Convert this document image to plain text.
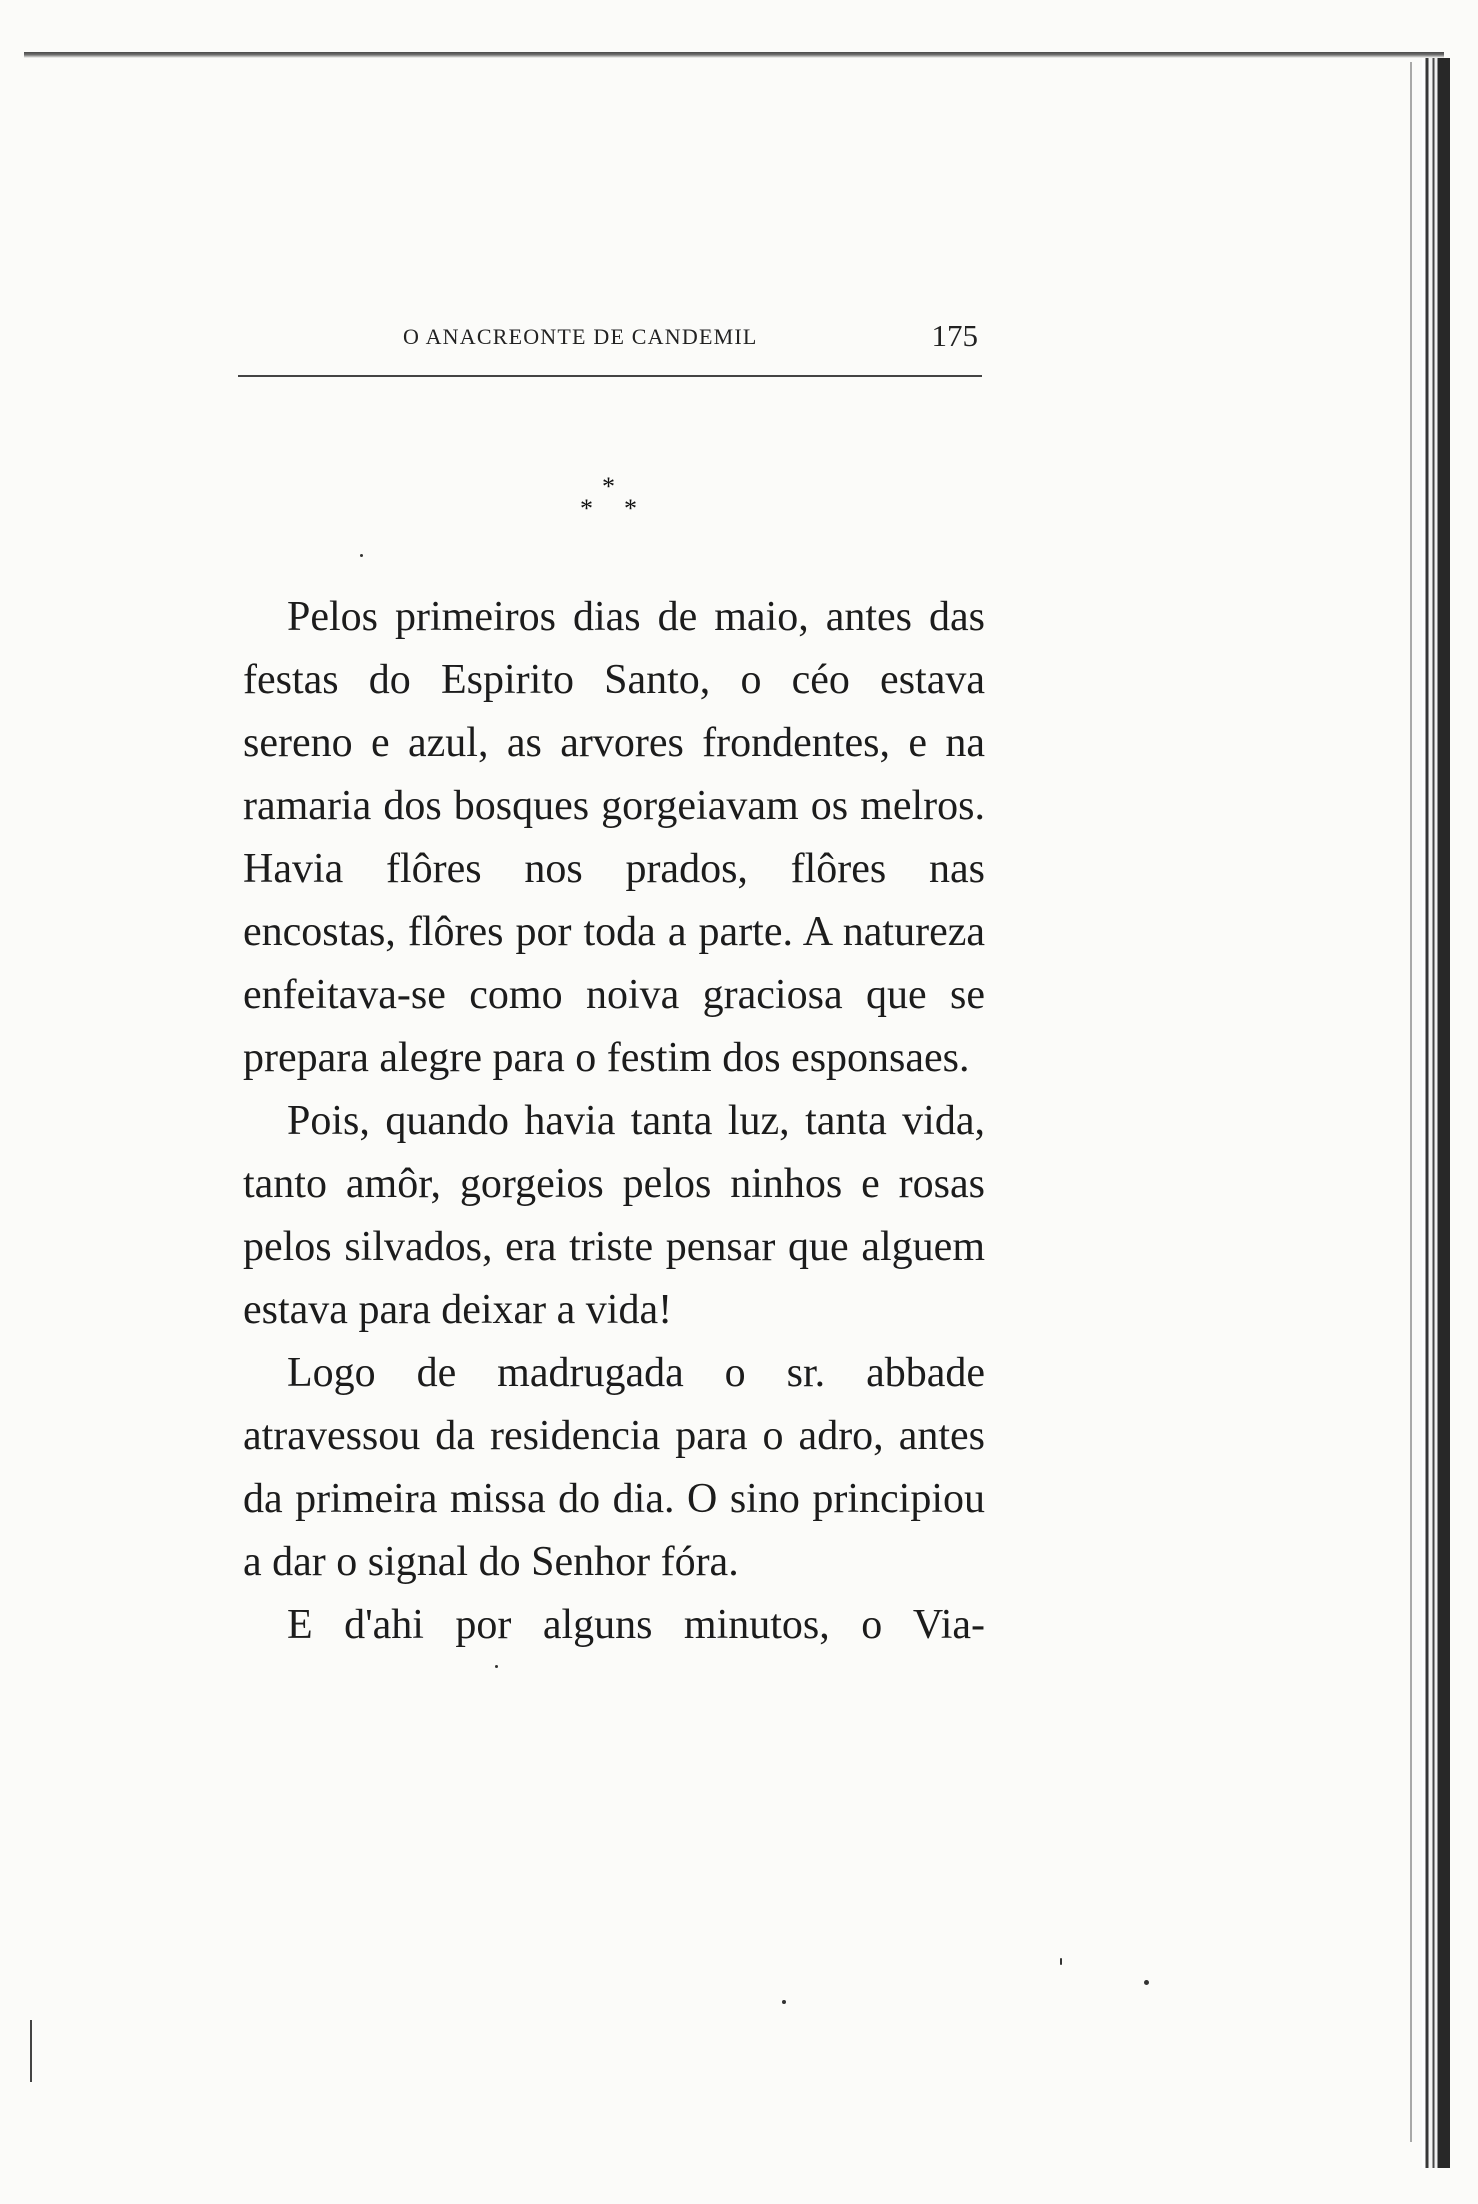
O ANACREONTE DE CANDEMIL	175
*
* *

Pelos primeiros dias de maio, antes das festas do Espirito Santo, o céo estava sereno e azul, as arvores frondentes, e na ramaria dos bosques gorgeiavam os melros. Havia flôres nos prados, flôres nas encostas, flôres por toda a parte. A natureza enfeitava-se como noiva graciosa que se prepara alegre para o festim dos esponsaes.

Pois, quando havia tanta luz, tanta vida, tanto amôr, gorgeios pelos ninhos e rosas pelos silvados, era triste pensar que alguem estava para deixar a vida!

Logo de madrugada o sr. abbade atravessou da residencia para o adro, antes da primeira missa do dia. O sino principiou a dar o signal do Senhor fóra.

E d'ahi por alguns minutos, o Via-
